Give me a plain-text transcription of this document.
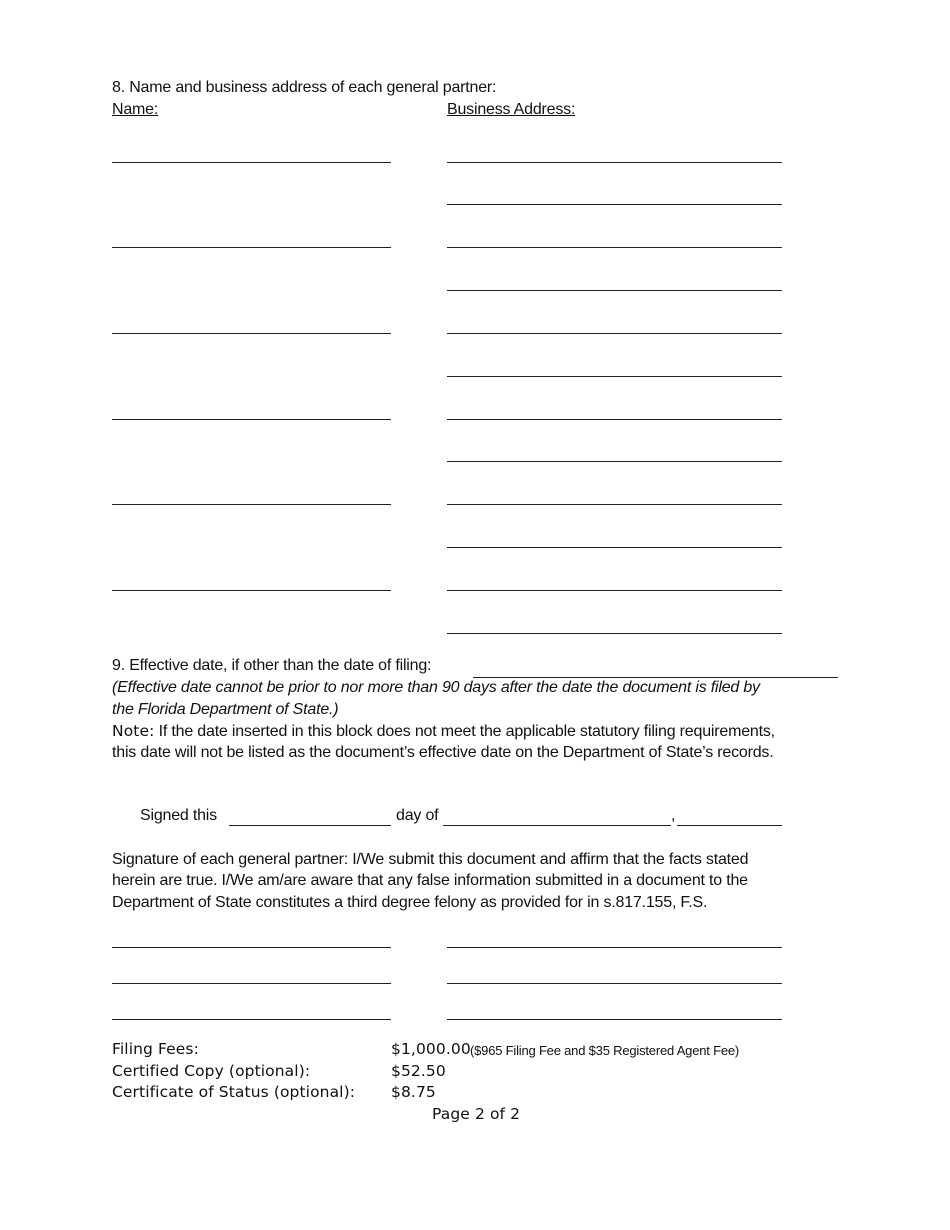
8. Name and business address of each general partner:
Name:	Business Address:
9. Effective date, if other than the date of filing:
(Effective date cannot be prior to nor more than 90 days after the date the document is filed by
the Florida Department of State.)
Note: If the date inserted in this block does not meet the applicable statutory filing requirements,
this date will not be listed as the document’s effective date on the Department of State’s records.
Signed this	day of	,
Signature of each general partner: I/We submit this document and affirm that the facts stated
herein are true. I/We am/are aware that any false information submitted in a document to the
Department of State constitutes a third degree felony as provided for in s.817.155, F.S.
Filing Fees:	$1,000.00 ($965 Filing Fee and $35 Registered Agent Fee)
Certified Copy (optional):	$52.50
Certificate of Status (optional): $8.75
Page 2 of 2
